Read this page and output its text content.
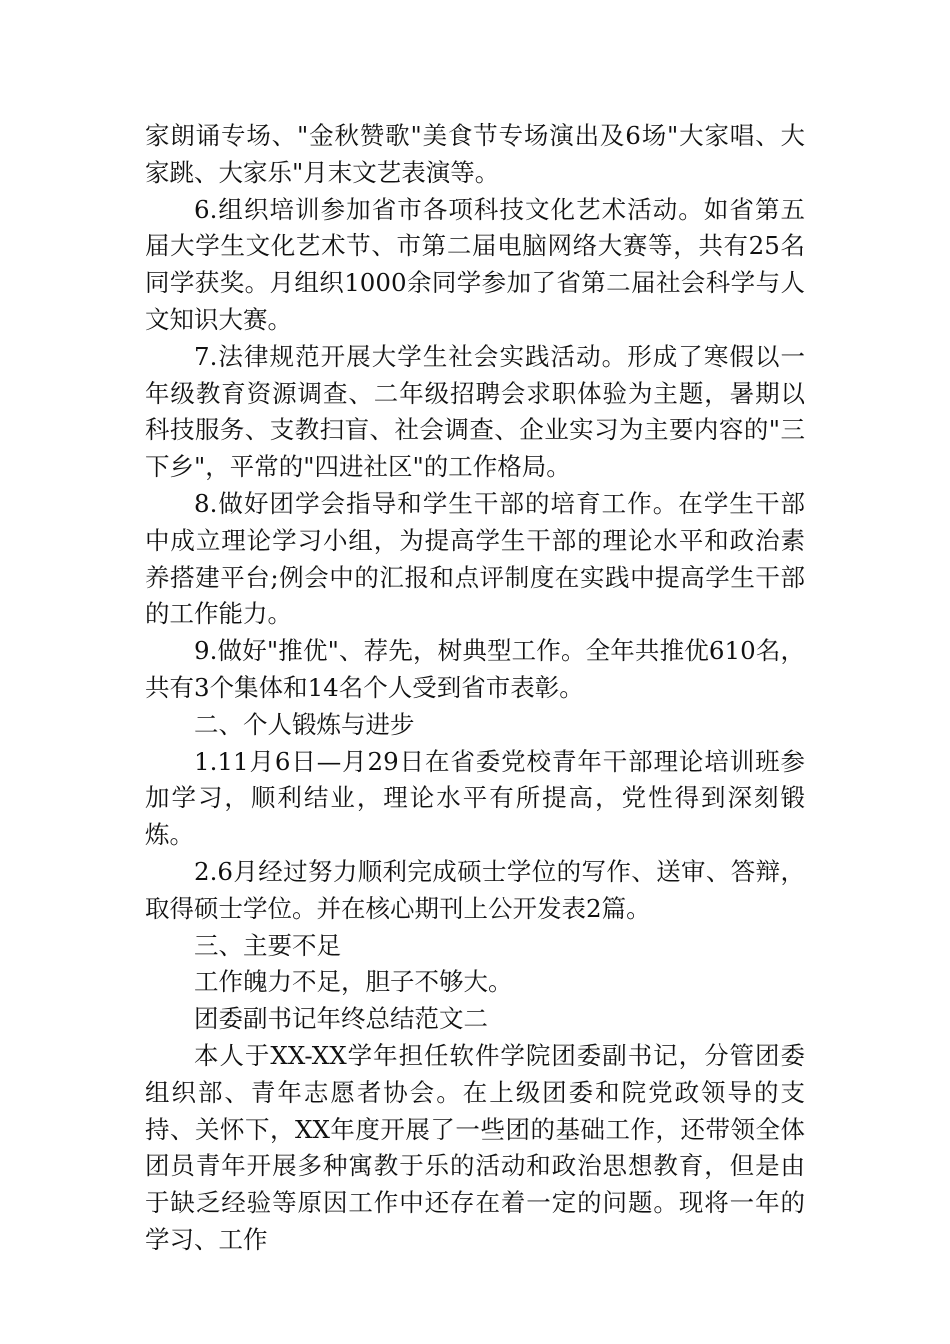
家朗诵专场、"金秋赞歌"美食节专场演出及6场"大家唱、大家跳、大家乐"月末文艺表演等。

6.组织培训参加省市各项科技文化艺术活动。如省第五届大学生文化艺术节、市第二届电脑网络大赛等，共有25名同学获奖。月组织1000余同学参加了省第二届社会科学与人文知识大赛。

7.法律规范开展大学生社会实践活动。形成了寒假以一年级教育资源调查、二年级招聘会求职体验为主题，暑期以科技服务、支教扫盲、社会调查、企业实习为主要内容的"三下乡"，平常的"四进社区"的工作格局。

8.做好团学会指导和学生干部的培育工作。在学生干部中成立理论学习小组，为提高学生干部的理论水平和政治素养搭建平台;例会中的汇报和点评制度在实践中提高学生干部的工作能力。

9.做好"推优"、荐先，树典型工作。全年共推优610名，共有3个集体和14名个人受到省市表彰。

二、个人锻炼与进步

1.11月6日—月29日在省委党校青年干部理论培训班参加学习，顺利结业，理论水平有所提高，党性得到深刻锻炼。

2.6月经过努力顺利完成硕士学位的写作、送审、答辩，取得硕士学位。并在核心期刊上公开发表2篇。

三、主要不足

工作魄力不足，胆子不够大。

团委副书记年终总结范文二

本人于XX-XX学年担任软件学院团委副书记，分管团委组织部、青年志愿者协会。在上级团委和院党政领导的支持、关怀下，XX年度开展了一些团的基础工作，还带领全体团员青年开展多种寓教于乐的活动和政治思想教育，但是由于缺乏经验等原因工作中还存在着一定的问题。现将一年的学习、工作
